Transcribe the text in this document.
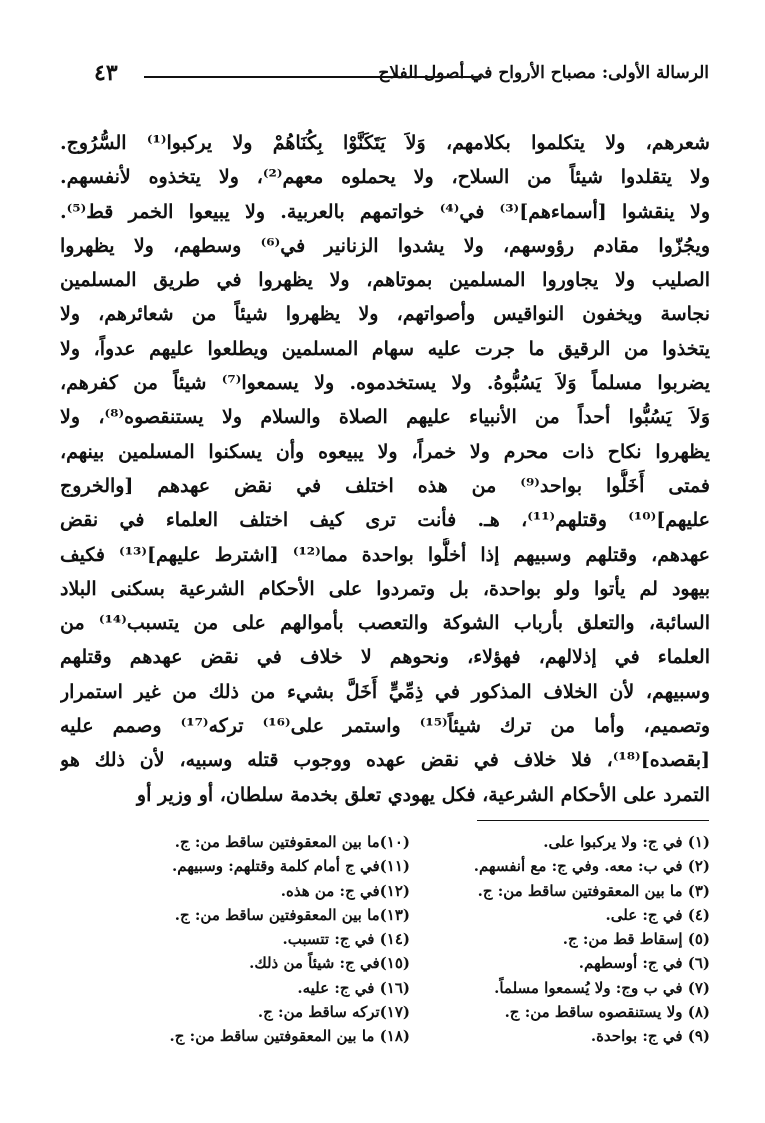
٤٣	الرسالة الأولى: مصباح الأرواح في أصول الفلاح
شعرهم، ولا يتكلموا بكلامهم، وَلاَ يَتَكَنَّوْا بِكُنَاهُمْ ولا يركبوا⁽¹⁾ السُّرُوج.
ولا يتقلدوا شيئاً من السلاح، ولا يحملوه معهم⁽²⁾، ولا يتخذوه لأنفسهم.
ولا ينقشوا [أسماءهم]⁽³⁾ في⁽⁴⁾ خواتمهم بالعربية. ولا يبيعوا الخمر قط⁽⁵⁾.
ويجُزّوا مقادم رؤوسهم، ولا يشدوا الزنانير في⁽⁶⁾ وسطهم، ولا يظهروا
الصليب ولا يجاوروا المسلمين بموتاهم، ولا يظهروا في طريق المسلمين
نجاسة ويخفون النواقيس وأصواتهم، ولا يظهروا شيئاً من شعائرهم، ولا
يتخذوا من الرقيق ما جرت عليه سهام المسلمين ويطلعوا عليهم عدواً، ولا
يضربوا مسلماً وَلاَ يَسُبُّوهُ. ولا يستخدموه. ولا يسمعوا⁽⁷⁾ شيئاً من كفرهم،
وَلاَ يَسُبُّوا أحداً من الأنبياء عليهم الصلاة والسلام ولا يستنقصوه⁽⁸⁾، ولا
يظهروا نكاح ذات محرم ولا خمراً، ولا يبيعوه وأن يسكنوا المسلمين بينهم،
فمتى أَخَلُّوا بواحد⁽⁹⁾ من هذه اختلف في نقض عهدهم [والخروج
عليهم]⁽¹⁰⁾ وقتلهم⁽¹¹⁾، هـ. فأنت ترى كيف اختلف العلماء في نقض
عهدهم، وقتلهم وسبيهم إذا أخلُّوا بواحدة مما⁽¹²⁾ [اشترط عليهم]⁽¹³⁾ فكيف
بيهود لم يأتوا ولو بواحدة، بل وتمردوا على الأحكام الشرعية بسكنى البلاد
السائبة، والتعلق بأرباب الشوكة والتعصب بأموالهم على من يتسبب⁽¹⁴⁾ من
العلماء في إذلالهم، فهؤلاء، ونحوهم لا خلاف في نقض عهدهم وقتلهم
وسبيهم، لأن الخلاف المذكور في ذِمِّيٍّ أَخَلَّ بشيء من ذلك من غير استمرار
وتصميم، وأما من ترك شيئاً⁽¹⁵⁾ واستمر على⁽¹⁶⁾ تركه⁽¹⁷⁾ وصمم عليه
[بقصده]⁽¹⁸⁾، فلا خلاف في نقض عهده ووجوب قتله وسبيه، لأن ذلك هو
التمرد على الأحكام الشرعية، فكل يهودي تعلق بخدمة سلطان، أو وزير أو
(١) في ج: ولا يركبوا على.
(٢) في ب: معه. وفي ج: مع أنفسهم.
(٣) ما بين المعقوفتين ساقط من: ج.
(٤) في ج: على.
(٥) إسقاط قط من: ج.
(٦) في ج: أوسطهم.
(٧) في ب وج: ولا يُسمعوا مسلماً.
(٨) ولا يستنقصوه ساقط من: ج.
(٩) في ج: بواحدة.
(١٠)ما بين المعقوفتين ساقط من: ج.
(١١)في ج أمام كلمة وقتلهم: وسبيهم.
(١٢)في ج: من هذه.
(١٣)ما بين المعقوفتين ساقط من: ج.
(١٤) في ج: تتسبب.
(١٥)في ج: شيئاً من ذلك.
(١٦) في ج: عليه.
(١٧)تركه ساقط من: ج.
(١٨) ما بين المعقوفتين ساقط من: ج.
